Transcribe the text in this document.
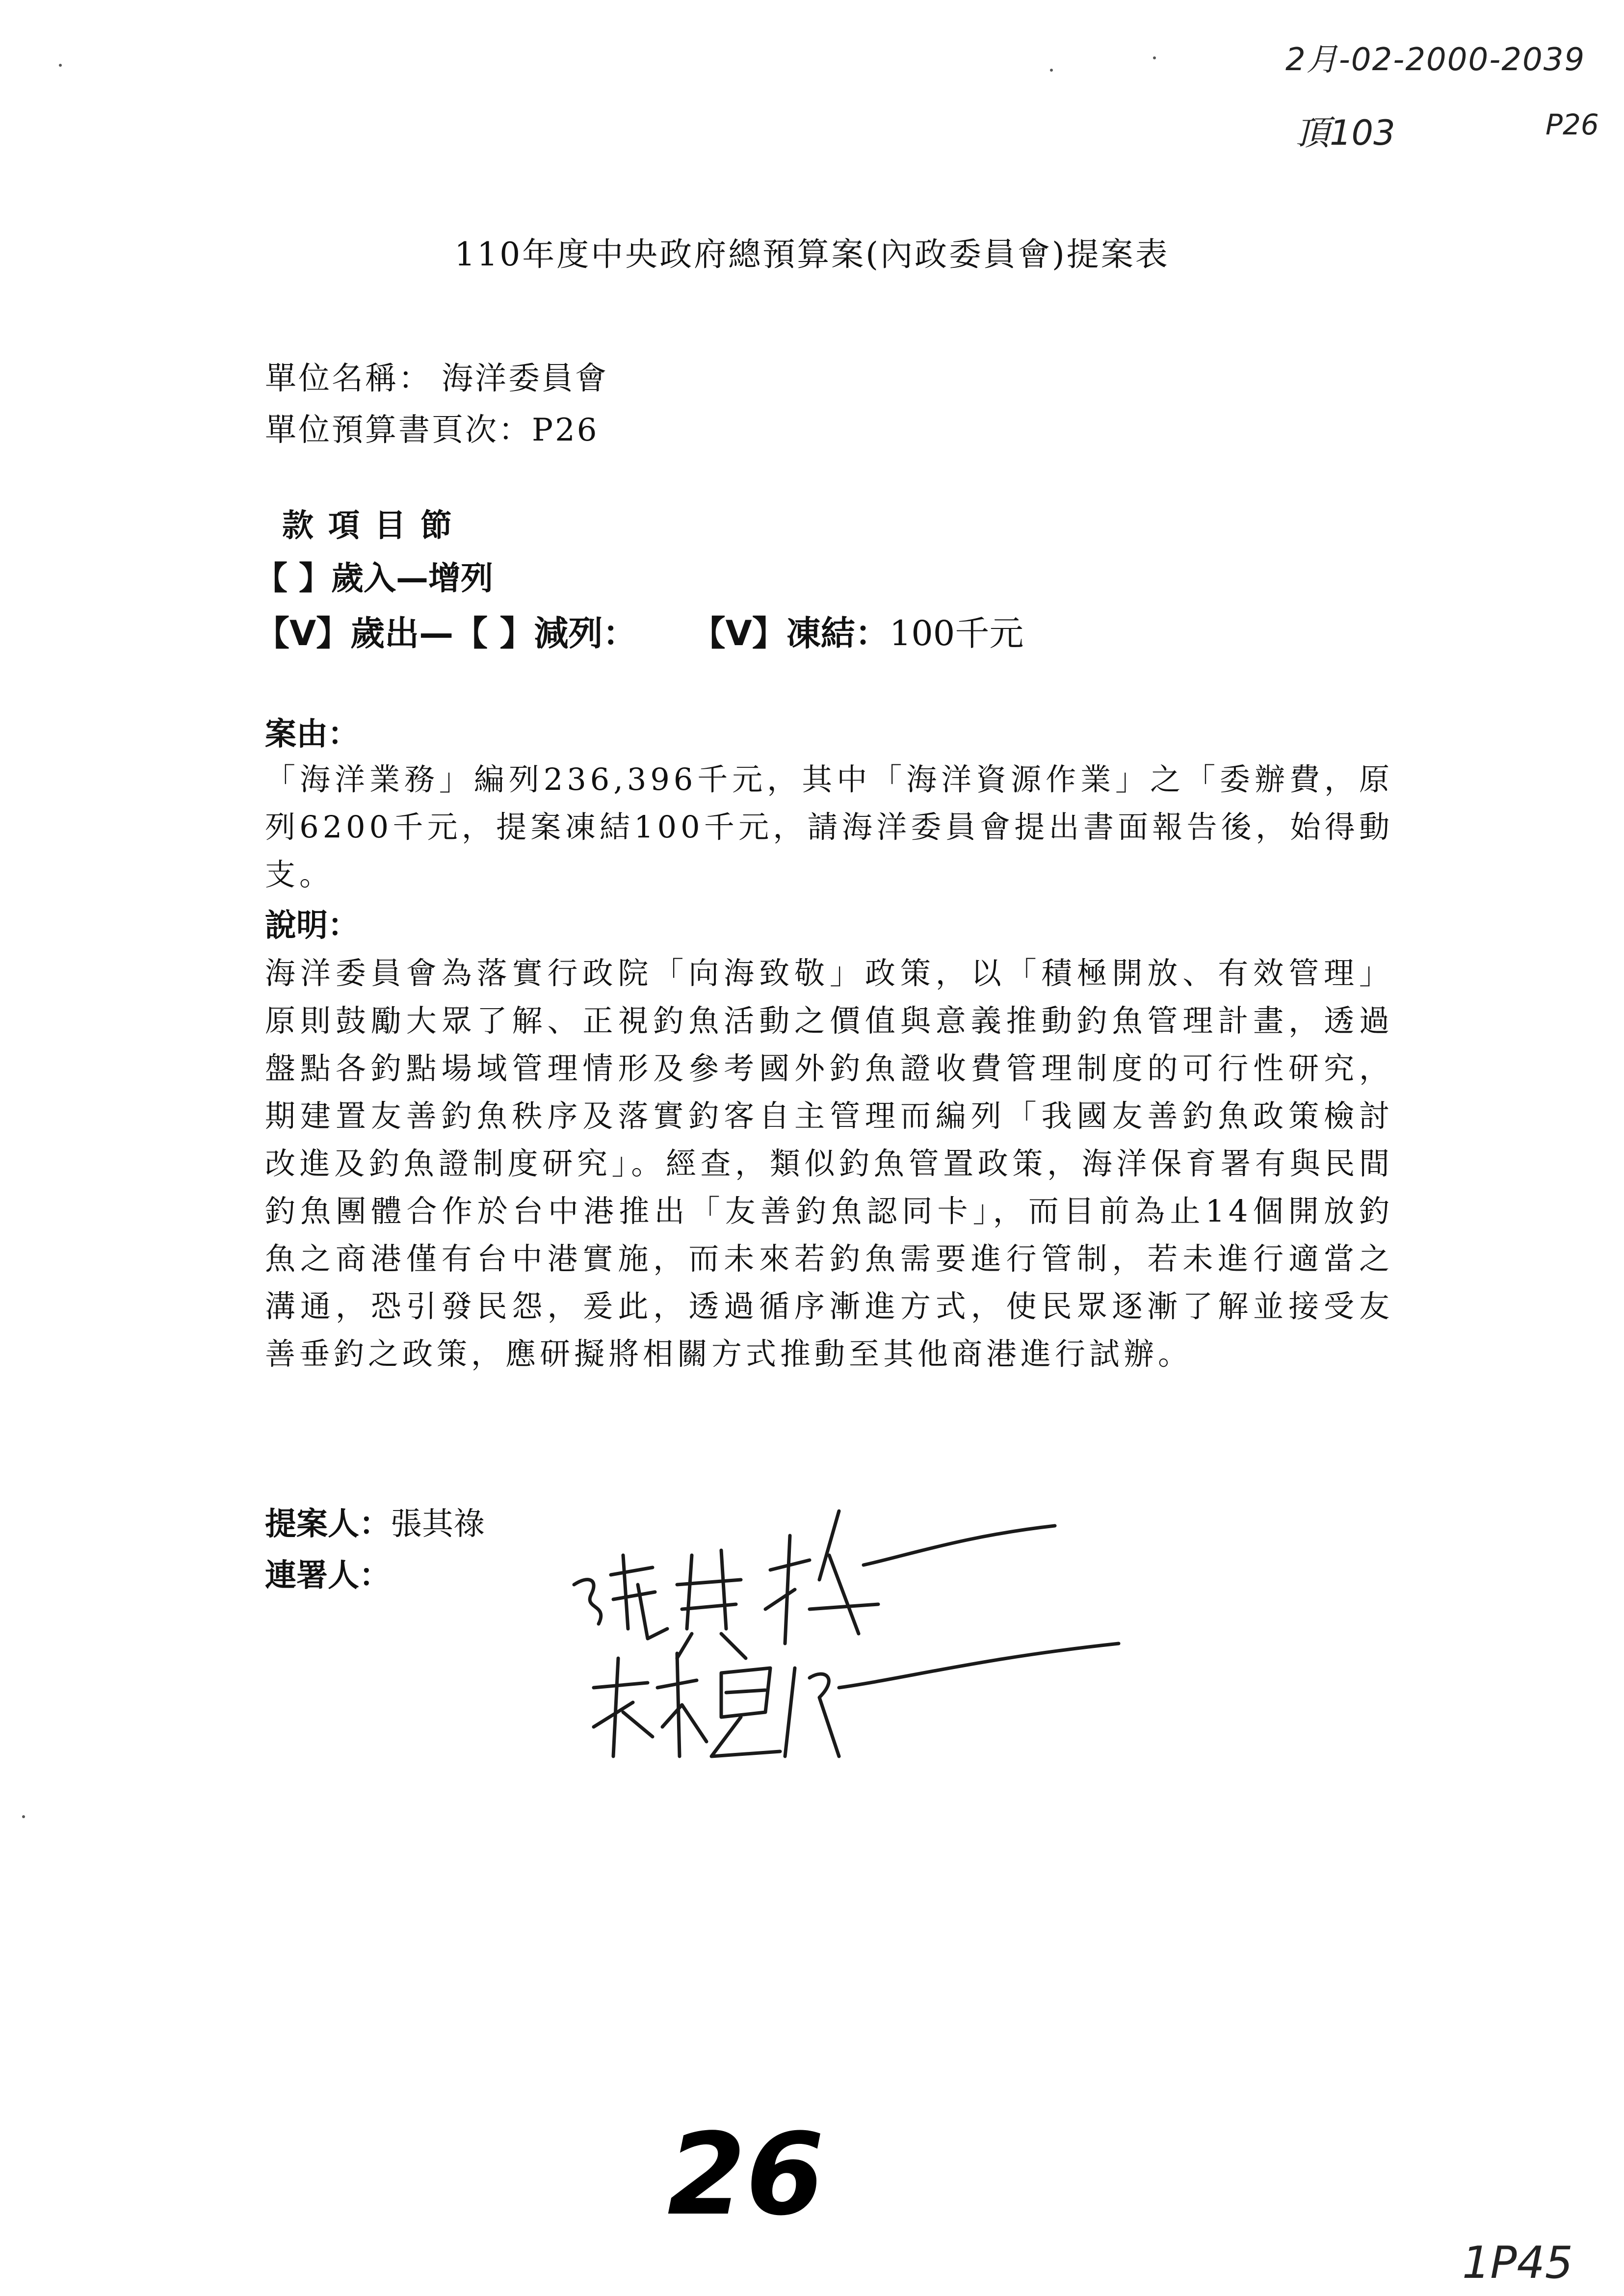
2月-02-2000-2039
頂103	P26
110年度中央政府總預算案(內政委員會)提案表
單位名稱： 海洋委員會
單位預算書頁次：P26
款項目節
【 】歲入—增列
【V】歲出—【 】減列： 【V】凍結：100千元
案由：
「海洋業務」編列236,396千元，其中「海洋資源作業」之「委辦費，原列6200千元，提案凍結100千元，請海洋委員會提出書面報告後，始得動支。
說明：
海洋委員會為落實行政院「向海致敬」政策，以「積極開放、有效管理」原則鼓勵大眾了解、正視釣魚活動之價值與意義推動釣魚管理計畫，透過盤點各釣點場域管理情形及參考國外釣魚證收費管理制度的可行性研究，期建置友善釣魚秩序及落實釣客自主管理而編列「我國友善釣魚政策檢討改進及釣魚證制度研究」。經查，類似釣魚管置政策，海洋保育署有與民間釣魚團體合作於台中港推出「友善釣魚認同卡」，而目前為止14個開放釣魚之商港僅有台中港實施，而未來若釣魚需要進行管制，若未進行適當之溝通，恐引發民怨，爰此，透過循序漸進方式，使民眾逐漸了解並接受友善垂釣之政策，應研擬將相關方式推動至其他商港進行試辦。
提案人：張其祿
連署人：
26
1P45
